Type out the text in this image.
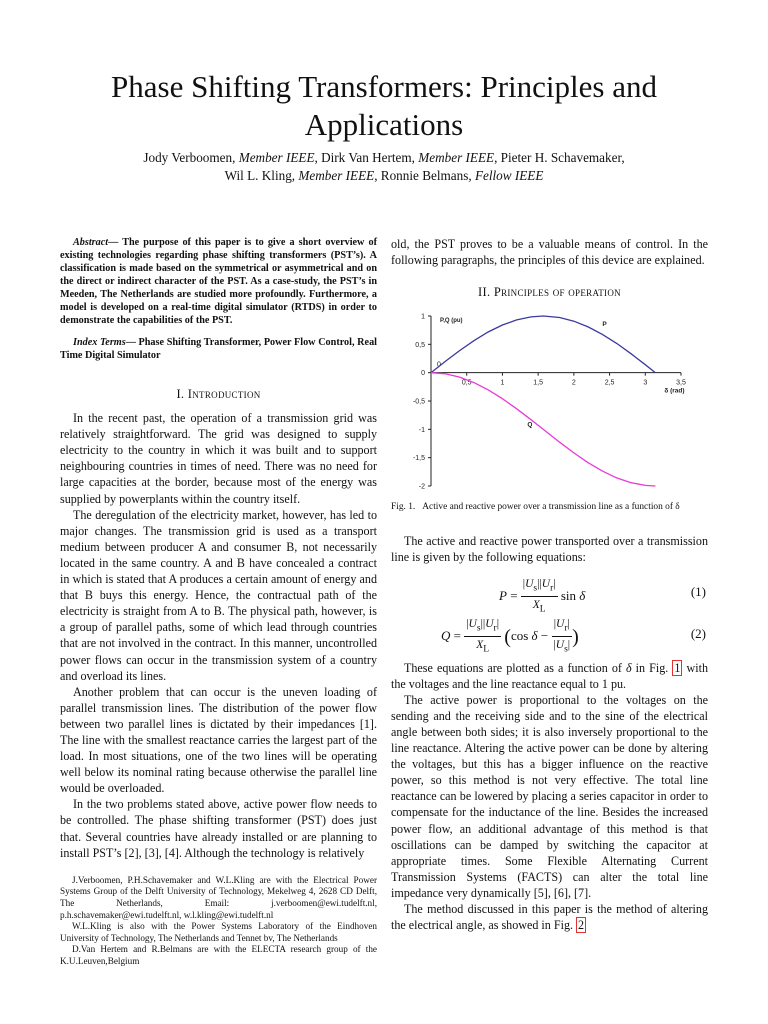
Phase Shifting Transformers: Principles and Applications
Jody Verboomen, Member IEEE, Dirk Van Hertem, Member IEEE, Pieter H. Schavemaker,
Wil L. Kling, Member IEEE, Ronnie Belmans, Fellow IEEE

Abstract— The purpose of this paper is to give a short overview of existing technologies regarding phase shifting transformers (PST’s). A classification is made based on the symmetrical or asymmetrical and on the direct or indirect character of the PST. As a case-study, the PST’s in Meeden, The Netherlands are studied more profoundly. Furthermore, a model is developed on a real-time digital simulator (RTDS) in order to demonstrate the capabilities of the PST.

Index Terms— Phase Shifting Transformer, Power Flow Control, Real Time Digital Simulator

I. Introduction

In the recent past, the operation of a transmission grid was relatively straightforward. The grid was designed to supply electricity to the country in which it was built and to support neighbouring countries in times of need. There was no need for large capacities at the border, because most of the energy was supplied by powerplants within the country itself.

The deregulation of the electricity market, however, has led to major changes. The transmission grid is used as a transport medium between producer A and consumer B, not necessarily located in the same country. A and B have concealed a contract in which is stated that A produces a certain amount of energy and that B buys this energy. Hence, the contractual path of the electricity is straight from A to B. The physical path, however, is a group of parallel paths, some of which lead through countries that are not involved in the contract. In this manner, uncontrolled power flows can occur in the transmission system of a country and overload its lines.

Another problem that can occur is the uneven loading of parallel transmission lines. The distribution of the power flow between two parallel lines is dictated by their impedances [1]. The line with the smallest reactance carries the largest part of the load. In most situations, one of the two lines will be operating well below its nominal rating because otherwise the parallel line would be overloaded.

In the two problems stated above, active power flow needs to be controlled. The phase shifting transformer (PST) does just that. Several countries have already installed or are planning to install PST’s [2], [3], [4]. Although the technology is relatively

J.Verboomen, P.H.Schavemaker and W.L.Kling are with the Electrical Power Systems Group of the Delft University of Technology, Mekelweg 4, 2628 CD Delft, The Netherlands, Email: j.verboomen@ewi.tudelft.nl, p.h.schavemaker@ewi.tudelft.nl, w.l.kling@ewi.tudelft.nl

W.L.Kling is also with the Power Systems Laboratory of the Eindhoven University of Technology, The Netherlands and Tennet bv, The Netherlands

D.Van Hertem and R.Belmans are with the ELECTA research group of the K.U.Leuven,Belgium

old, the PST proves to be a valuable means of control. In the following paragraphs, the principles of this device are explained.

II. Principles of operation
1
0,5
0
-0,5
-1
-1,5
-2
0
0,5	1	1,5	2	2,5	3	3,5
P,Q (pu)
δ (rad)
P
Q

Fig. 1. Active and reactive power over a transmission line as a function of δ

The active and reactive power transported over a transmission line is given by the following equations:

$P = \frac{|U_s||U_r|}{X_L}$ sin δ	(1)
$Q = \frac{|U_s||U_r|}{X_L} (\cos$ $\delta - \frac{|U_r|}{|U_s|}$ )	(2)

These equations are plotted as a function of δ in Fig. 1 with the voltages and the line reactance equal to 1 pu.

The active power is proportional to the voltages on the sending and the receiving side and to the sine of the electrical angle between both sides; it is also inversely proportional to the line reactance. Altering the active power can be done by altering the voltages, but this has a bigger influence on the reactive power, so this method is not very effective. The total line reactance can be lowered by placing a series capacitor in order to compensate for the inductance of the line. Besides the increased power flow, an additional advantage of this method is that oscillations can be damped by switching the capacitor at appropriate times. Some Flexible Alternating Current Transmission Systems (FACTS) can alter the total line impedance very dynamically [5], [6], [7].

The method discussed in this paper is the method of altering the electrical angle, as showed in Fig. 2
